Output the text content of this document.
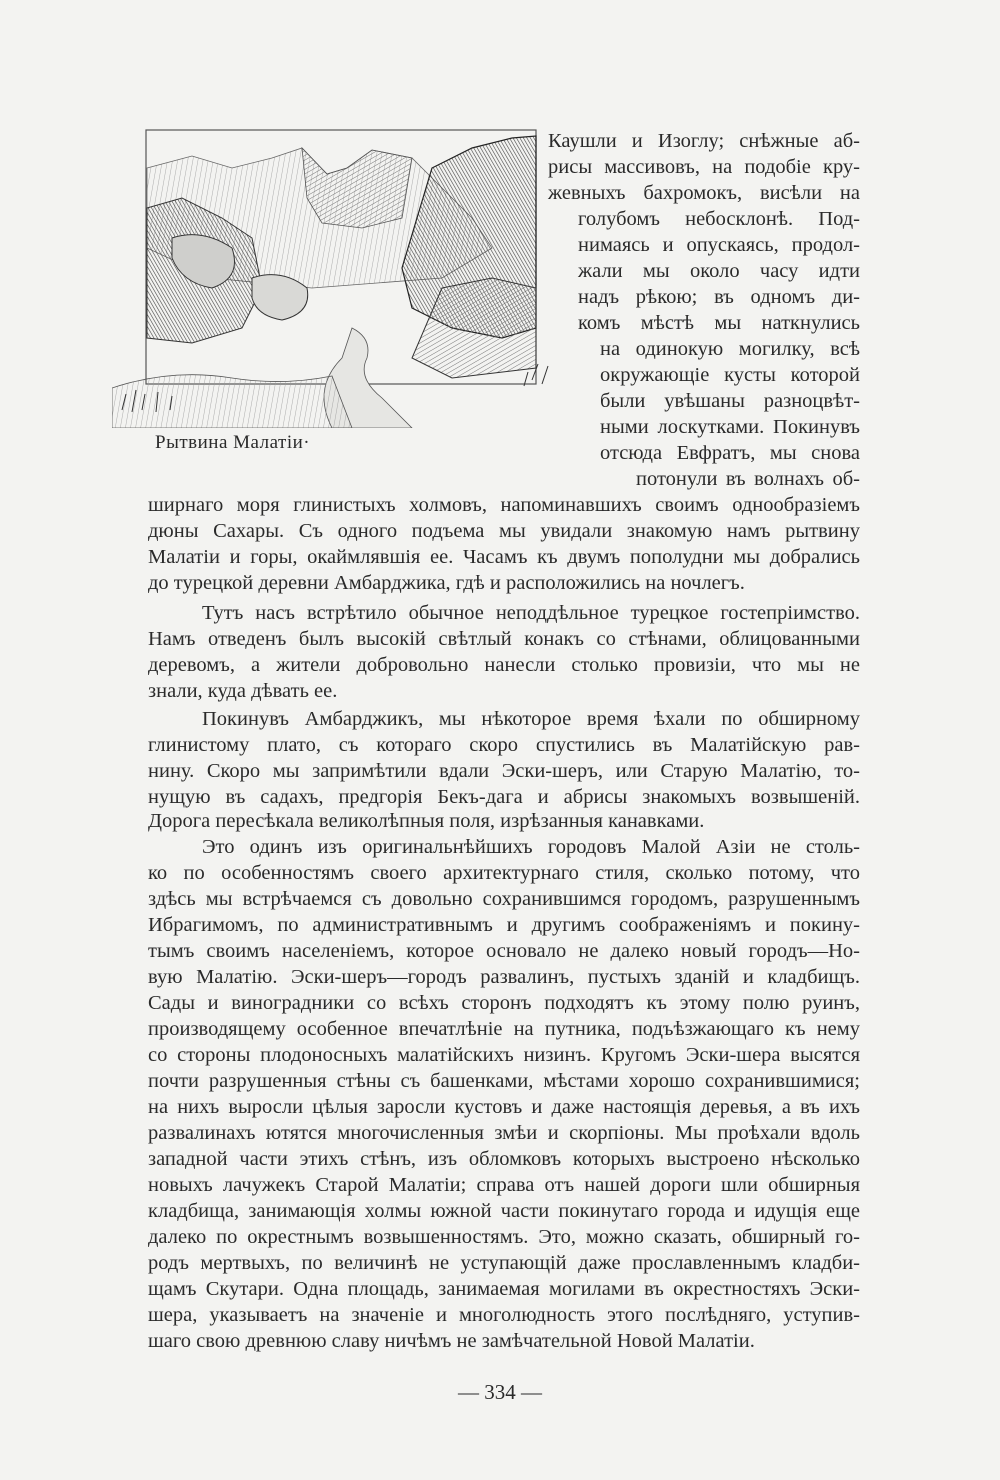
Рытвина Малатіи·
Каушли и Изоглу; снѣжные аб-
рисы массивовъ, на подобіе кру-
жевныхъ бахромокъ, висѣли на
голубомъ небосклонѣ. Под-
нимаясь и опускаясь, продол-
жали мы около часу идти
надъ рѣкою; въ одномъ ди-
комъ мѣстѣ мы наткнулись
на одинокую могилку, всѣ
окружающіе кусты которой
были увѣшаны разноцвѣт-
ными лоскутками. Покинувъ
отсюда Евфратъ, мы снова
потонули въ волнахъ об-
ширнаго моря глинистыхъ холмовъ, напоминавшихъ своимъ однообразіемъ
дюны Сахары. Съ одного подъема мы увидали знакомую намъ рытвину
Малатіи и горы, окаймлявшія ее. Часамъ къ двумъ пополудни мы добрались
до турецкой деревни Амбарджика, гдѣ и расположились на ночлегъ.
Тутъ насъ встрѣтило обычное неподдѣльное турецкое гостепріимство.
Намъ отведенъ былъ высокій свѣтлый конакъ со стѣнами, облицованными
деревомъ, а жители добровольно нанесли столько провизіи, что мы не
знали, куда дѣвать ее.
Покинувъ Амбарджикъ, мы нѣкоторое время ѣхали по обширному
глинистому плато, съ котораго скоро спустились въ Малатійскую рав-
нину. Скоро мы запримѣтили вдали Эски-шеръ, или Старую Малатію, то-
нущую въ садахъ, предгорія Бекъ-дага и абрисы знакомыхъ возвышеній.
Дорога пересѣкала великолѣпныя поля, изрѣзанныя канавками.
Это одинъ изъ оригинальнѣйшихъ городовъ Малой Азіи не столь-
ко по особенностямъ своего архитектурнаго стиля, сколько потому, что
здѣсь мы встрѣчаемся съ довольно сохранившимся городомъ, разрушеннымъ
Ибрагимомъ, по административнымъ и другимъ соображеніямъ и покину-
тымъ своимъ населеніемъ, которое основало не далеко новый городъ—Но-
вую Малатію. Эски-шеръ—городъ развалинъ, пустыхъ зданій и кладбищъ.
Сады и виноградники со всѣхъ сторонъ подходятъ къ этому полю руинъ,
производящему особенное впечатлѣніе на путника, подъѣзжающаго къ нему
со стороны плодоносныхъ малатійскихъ низинъ. Кругомъ Эски-шера высятся
почти разрушенныя стѣны съ башенками, мѣстами хорошо сохранившимися;
на нихъ выросли цѣлыя заросли кустовъ и даже настоящія деревья, а въ ихъ
развалинахъ ютятся многочисленныя змѣи и скорпіоны. Мы проѣхали вдоль
западной части этихъ стѣнъ, изъ обломковъ которыхъ выстроено нѣсколько
новыхъ лачужекъ Старой Малатіи; справа отъ нашей дороги шли обширныя
кладбища, занимающія холмы южной части покинутаго города и идущія еще
далеко по окрестнымъ возвышенностямъ. Это, можно сказать, обширный го-
родъ мертвыхъ, по величинѣ не уступающій даже прославленнымъ кладби-
щамъ Скутари. Одна площадь, занимаемая могилами въ окрестностяхъ Эски-
шера, указываетъ на значеніе и многолюдность этого послѣдняго, уступив-
шаго свою древнюю славу ничѣмъ не замѣчательной Новой Малатіи.
— 334 —
